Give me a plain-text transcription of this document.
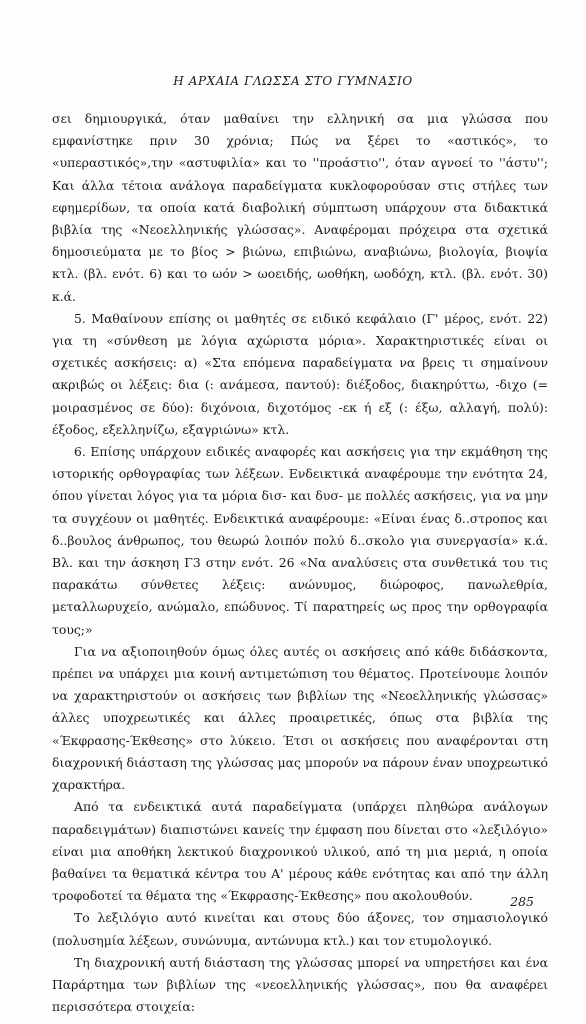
Η ΑΡΧΑΙΑ ΓΛΩΣΣΑ ΣΤΟ ΓΥΜΝΑΣΙΟ

σει δημιουργικά, όταν μαθαίνει την ελληνική σα μια γλώσσα που εμφανίστηκε πριν 30 χρόνια; Πώς να ξέρει το «αστικός», το «υπεραστικός»,την «αστυφιλία» και το ''προάστιο'', όταν αγνοεί το ''άστυ''; Και άλλα τέτοια ανάλογα παραδείγματα κυκλοφορούσαν στις στήλες των εφημερίδων, τα οποία κατά διαβολική σύμπτωση υπάρχουν στα διδακτικά βιβλία της «Νεοελληνικής γλώσσας». Αναφέρομαι πρόχειρα στα σχετικά δημοσιεύματα με το βίος > βιώνω, επιβιώνω, αναβιώνω, βιολογία, βιοψία κτλ. (βλ. ενότ. 6) και το ωόν > ωοειδής, ωοθήκη, ωοδόχη, κτλ. (βλ. ενότ. 30) κ.ά.

5. Μαθαίνουν επίσης οι μαθητές σε ειδικό κεφάλαιο (Γ' μέρος, ενότ. 22) για τη «σύνθεση με λόγια αχώριστα μόρια». Χαρακτηριστικές είναι οι σχετικές ασκήσεις: α) «Στα επόμενα παραδείγματα να βρεις τι σημαίνουν ακριβώς οι λέξεις: δια (: ανάμεσα, παντού): διέξοδος, διακηρύττω, -διχο (= μοιρασμένος σε δύο): διχόνοια, διχοτόμος -εκ ή εξ (: έξω, αλλαγή, πολύ): έξοδος, εξελληνίζω, εξαγριώνω» κτλ.

6. Επίσης υπάρχουν ειδικές αναφορές και ασκήσεις για την εκμάθηση της ιστορικής ορθογραφίας των λέξεων. Ενδεικτικά αναφέρουμε την ενότητα 24, όπου γίνεται λόγος για τα μόρια δισ- και δυσ- με πολλές ασκήσεις, για να μην τα συγχέουν οι μαθητές. Ενδεικτικά αναφέρουμε: «Είναι ένας δ..στροπος και δ..βουλος άνθρωπος, του θεωρώ λοιπόν πολύ δ..σκολο για συνεργασία» κ.ά. Βλ. και την άσκηση Γ3 στην ενότ. 26 «Να αναλύσεις στα συνθετικά του τις παρακάτω σύνθετες λέξεις: ανώνυμος, διώροφος, πανωλεθρία, μεταλλωρυχείο, ανώμαλο, επώδυνος. Τί παρατηρείς ως προς την ορθογραφία τους;»

Για να αξιοποιηθούν όμως όλες αυτές οι ασκήσεις από κάθε διδάσκοντα, πρέπει να υπάρχει μια κοινή αντιμετώπιση του θέματος. Προτείνουμε λοιπόν να χαρακτηριστούν οι ασκήσεις των βιβλίων της «Νεοελληνικής γλώσσας» άλλες υποχρεωτικές και άλλες προαιρετικές, όπως στα βιβλία της «Έκφρασης-Έκθεσης» στο λύκειο. Έτσι οι ασκήσεις που αναφέρονται στη διαχρονική διάσταση της γλώσσας μας μπορούν να πάρουν έναν υποχρεωτικό χαρακτήρα.

Από τα ενδεικτικά αυτά παραδείγματα (υπάρχει πληθώρα ανάλογων παραδειγμάτων) διαπιστώνει κανείς την έμφαση που δίνεται στο «λεξιλόγιο» είναι μια αποθήκη λεκτικού διαχρονικού υλικού, από τη μια μεριά, η οποία βαθαίνει τα θεματικά κέντρα του Α' μέρους κάθε ενότητας και από την άλλη τροφοδοτεί τα θέματα της «Έκφρασης-Έκθεσης» που ακολουθούν.

Το λεξιλόγιο αυτό κινείται και στους δύο άξονες, τον σημασιολογικό (πολυσημία λέξεων, συνώνυμα, αντώνυμα κτλ.) και τον ετυμολογικό.

Τη διαχρονική αυτή διάσταση της γλώσσας μπορεί να υπηρετήσει και ένα Παράρτημα των βιβλίων της «νεοελληνικής γλώσσας», που θα αναφέρει περισσότερα στοιχεία:

285
